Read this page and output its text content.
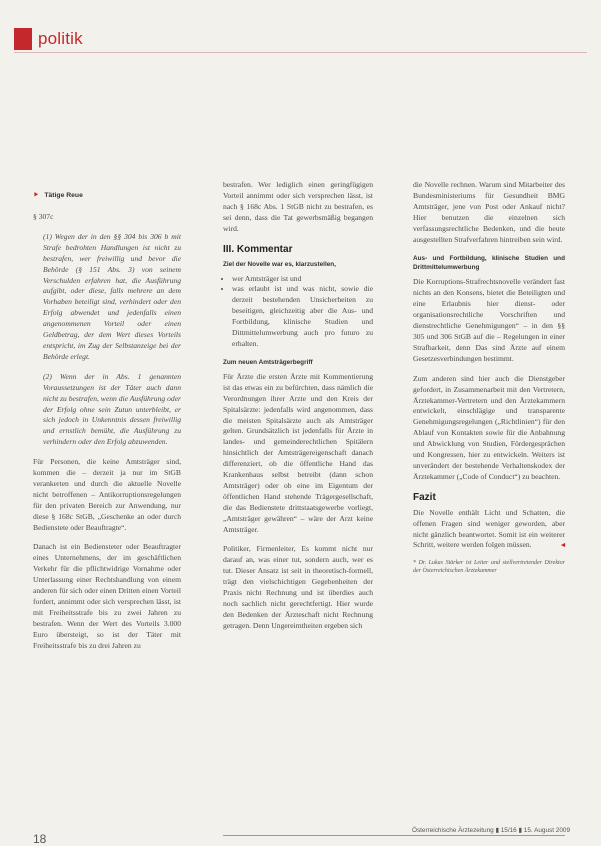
politik
⯈ Tätige Reue

§ 307c

(1) Wegen der in den §§ 304 bis 306 b mit Strafe bedrohten Handlungen ist nicht zu bestrafen, wer freiwillig und bevor die Behörde (§ 151 Abs. 3) von seinem Verschulden erfahren hat, die Ausführung aufgibt, oder diese, falls mehrere an dem Vorhaben beteiligt sind, verhindert oder den Erfolg abwendet und jedenfalls einen angenommenen Vorteil oder einen Geldbetrag, der dem Wert dieses Vorteils entspricht, im Zug der Selbstanzeige bei der Behörde erlegt.

(2) Wenn der in Abs. 1 genannten Voraussetzungen ist der Täter auch dann nicht zu bestrafen, wenn die Ausführung oder der Erfolg ohne sein Zutun unterbleibt, er sich jedoch in Unkenntnis dessen freiwillig und ernstlich bemüht, die Ausführung zu verhindern oder den Erfolg abzuwenden.

Für Personen, die keine Amtsträger sind, kommen die – derzeit ja nur im StGB verankerten und durch die aktuelle Novelle nicht betroffenen – Antikorruptionsregelungen für den privaten Bereich zur Anwendung, nur diese § 168c StGB, „Geschenke an oder durch Bedienstete oder Beauftragte“.

Danach ist ein Bediensteter oder Beauftragter eines Unternehmens, der im geschäftlichen Verkehr für die pflichtwidrige Vornahme oder Unterlassung einer Rechtshandlung von einem anderen für sich oder einen Dritten einen Vorteil fordert, annimmt oder sich versprechen lässt, ist mit Freiheitsstrafe bis zu zwei Jahren zu bestrafen. Wenn der Wert des Vorteils 3.000 Euro übersteigt, so ist der Täter mit Freiheitsstrafe bis zu drei Jahren zu

bestrafen. Wer lediglich einen geringfügigen Vorteil annimmt oder sich versprechen lässt, ist nach § 168c Abs. 1 StGB nicht zu bestrafen, es sei denn, dass die Tat gewerbsmäßig begangen wird.

III. Kommentar
Ziel der Novelle war es, klarzustellen,
• wer Amtsträger ist und
• was erlaubt ist und was nicht, sowie die derzeit bestehenden Unsicherheiten zu beseitigen, gleichzeitig aber die Aus- und Fortbildung, klinische Studien und Dittmittelumwerbung auch pro futuro zu erhalten.
Zum neuen Amtsträgerbegriff

Für Ärzte die ersten Ärzte mit Kommentierung ist das etwas ein zu befürchten, dass nämlich die Verordnungen ihrer Arzte und den Kreis der Spitalsärzte: jedenfalls wird angenommen, dass die meisten Spitalsärzte auch als Amtsträger gelten. Grundsätzlich ist jedenfalls für Ärzte in landes- und gemeinderechtlichen Spitälern hinsichtlich der Amtsträgereigenschaft danach differenziert, ob die öffentliche Hand das Krankenhaus selbst betreibt (dann schon Amtsträger) oder ob eine im Eigentum der öffentlichen Hand stehende Trägergesellschaft, die das Bedienstete drittstaatsgewerbe vorliegt, „Amtsträger gewähren“ – wäre der Arzt keine Amtsträger.

Politiker, Firmenleiter, Es kommt nicht nur darauf an, was einer tut, sondern auch, wer es tut. Dieser Ansatz ist seit in theoretisch-formell, trägt den vielschichtigen Gegebenheiten der Praxis nicht Rechnung und ist überdies auch noch sachlich nicht gerechtfertigt. Hier wurde den Bedenken der Ärzteschaft nicht Rechnung getragen. Denn Ungereimtheiten ergeben sich

die Novelle rechnen. Warum sind Mitarbeiter des Bundesministeriums für Gesundheit BMG Amtsträger, jene von Post oder Ankauf nicht? Hier benutzen die einzelnen sich verfassungsrechtliche Bedenken, und die heute ausgestellten Strafverfahren hintreiben sein wird.

Aus- und Fortbildung, klinische Studien und Drittmittelumwerbung

Die Korruptions-Strafrechtsnovelle verändert fast nichts an den Konsens, bietet die Beteiligten und eine Erlaubnis hier dienst- oder organisationsrechtliche Vorschriften und dienstrechtliche Genehmigungen“ – in den §§ 305 und 306 StGB auf die – Regelungen in einer Strafbarkeit, denn Das sind Ärzte auf einem Gesetzesverbindungen bestimmt.

Zum anderen sind hier auch die Dienstgeber gefordert, in Zusammenarbeit mit den Vertretern, Ärztekammer-Vertretern und den Ärztekammern entwickelt, einschlägige und transparente Genehmigungsregelungen („Richtlinien“) für den Ablauf von Kontakten sowie für die Anbahnung und Abwicklung von Studien, Fördergesprächen und Kongressen, hier zu entwickeln. Weiters ist unverändert der bestehende Verhaltenskodex der Ärztekammer („Code of Conduct“) zu beachten.

Fazit

Die Novelle enthält Licht und Schatten, die offenen Fragen sind weniger geworden, aber nicht gänzlich beantwortet. Somit ist ein weiterer Schritt, weitere werden folgen müssen.	◂

* Dr. Lukas Stärker ist Leiter und stellvertretender Direktor der Österreichischen Ärztekammer
18
Österreichische Ärztezeitung ▮ 15/16 ▮ 15. August 2009
